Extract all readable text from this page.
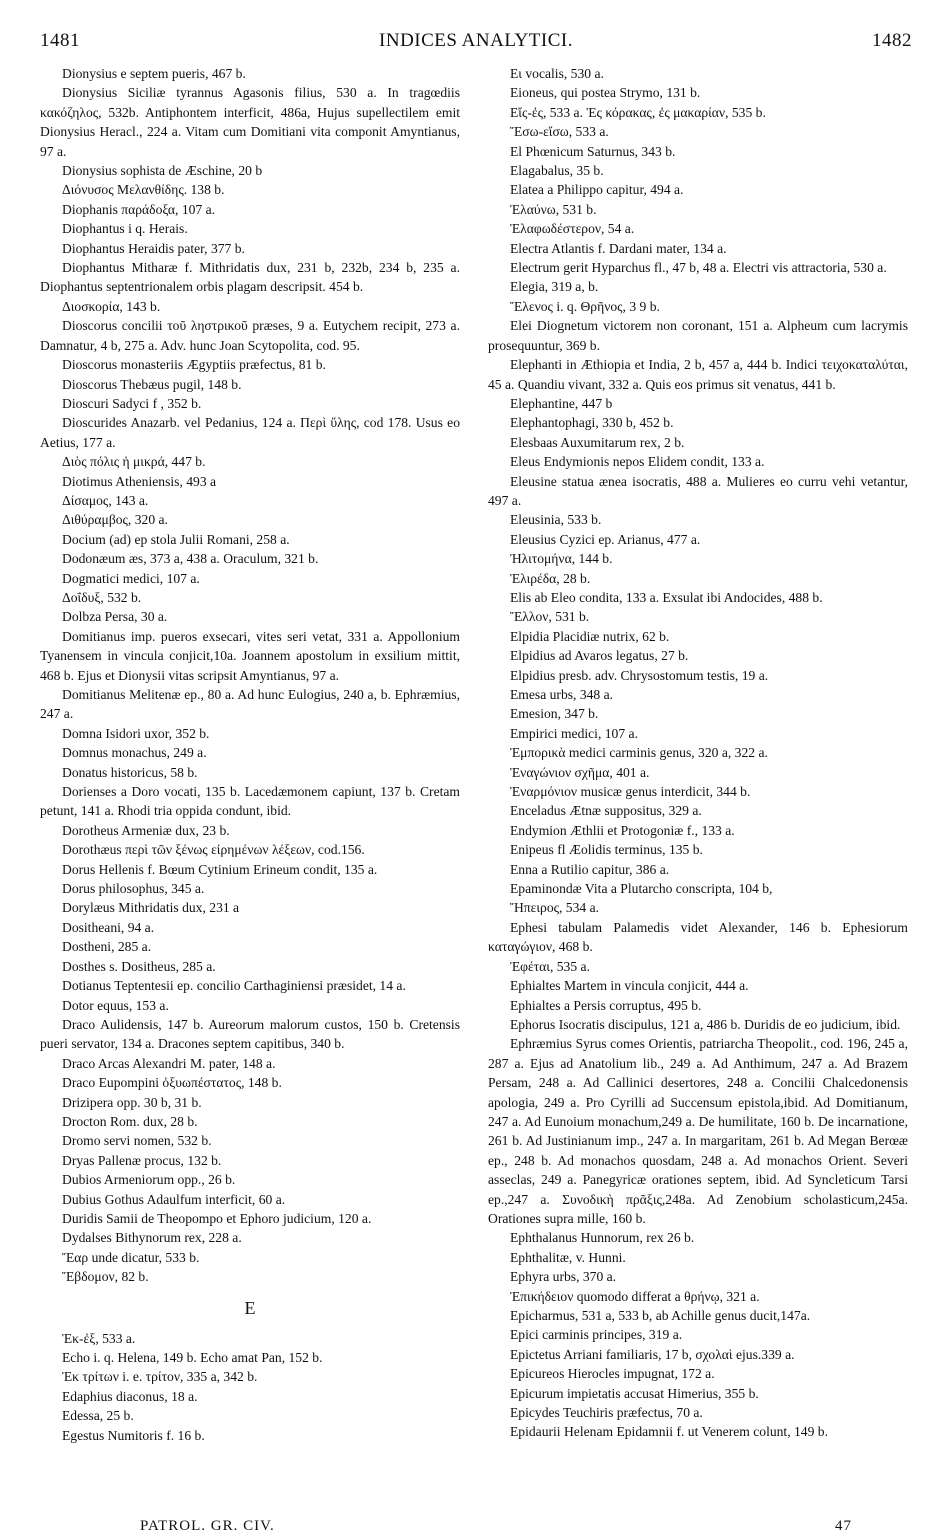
1481	INDICES ANALYTICI.	1482

Dionysius e septem pueris, 467 b.

Dionysius Siciliæ tyrannus Agasonis filius, 530 a. In tragœdiis κακόζηλος, 532b. Antiphontem interficit, 486a, Hujus supellectilem emit Dionysius Heracl., 224 a. Vitam cum Domitiani vita componit Amyntianus, 97 a.

Dionysius sophista de Æschine, 20 b

Διόνυσος Μελανθίδης. 138 b.

Diophanis παράδοξα, 107 a.

Diophantus i q. Herais.

Diophantus Heraidis pater, 377 b.

Diophantus Mitharæ f. Mithridatis dux, 231 b, 232b, 234 b, 235 a. Diophantus septentrionalem orbis plagam descripsit. 454 b.

Διοσκορία, 143 b.

Dioscorus concilii τοῦ ληστρικοῦ præses, 9 a. Eutychem recipit, 273 a. Damnatur, 4 b, 275 a. Adv. hunc Joan Scytopolita, cod. 95.

Dioscorus monasteriis Ægyptiis præfectus, 81 b.

Dioscorus Thebæus pugil, 148 b.

Dioscuri Sadyci f , 352 b.

Dioscurides Anazarb. vel Pedanius, 124 a. Περὶ ὕλης, cod 178. Usus eo Aetius, 177 a.

Διὸς πόλις ἡ μικρά, 447 b.

Diotimus Atheniensis, 493 a

Δίσαμος, 143 a.

Διθύραμβος, 320 a.

Docium (ad) ep stola Julii Romani, 258 a.

Dodonæum æs, 373 a, 438 a. Oraculum, 321 b.

Dogmatici medici, 107 a.

Δοΐδυξ, 532 b.

Dolbza Persa, 30 a.

Domitianus imp. pueros exsecari, vites seri vetat, 331 a. Appollonium Tyanensem in vincula conjicit,10a. Joannem apostolum in exsilium mittit, 468 b. Ejus et Dionysii vitas scripsit Amyntianus, 97 a.

Domitianus Melitenæ ep., 80 a. Ad hunc Eulogius, 240 a, b. Ephræmius, 247 a.

Domna Isidori uxor, 352 b.

Domnus monachus, 249 a.

Donatus historicus, 58 b.

Dorienses a Doro vocati, 135 b. Lacedæmonem capiunt, 137 b. Cretam petunt, 141 a. Rhodi tria oppida condunt, ibid.

Dorotheus Armeniæ dux, 23 b.

Dorothæus περὶ τῶν ξένως εἰρημένων λέξεων, cod.156.

Dorus Hellenis f. Bœum Cytinium Erineum condit, 135 a.

Dorus philosophus, 345 a.

Dorylæus Mithridatis dux, 231 a

Dositheani, 94 a.

Dostheni, 285 a.

Dosthes s. Dositheus, 285 a.

Dotianus Teptentesii ep. concilio Carthaginiensi præsidet, 14 a.

Dotor equus, 153 a.

Draco Aulidensis, 147 b. Aureorum malorum custos, 150 b. Cretensis pueri servator, 134 a. Dracones septem capitibus, 340 b.

Draco Arcas Alexandri M. pater, 148 a.

Draco Eupompini ὀξυωπέστατος, 148 b.

Drizipera opp. 30 b, 31 b.

Drocton Rom. dux, 28 b.

Dromo servi nomen, 532 b.

Dryas Pallenæ procus, 132 b.

Dubios Armeniorum opp., 26 b.

Dubius Gothus Adaulfum interficit, 60 a.

Duridis Samii de Theopompo et Ephoro judicium, 120 a.

Dydalses Bithynorum rex, 228 a.

Ἔαρ unde dicatur, 533 b.

Ἔβδομον, 82 b.

E

Ἐκ-ἐξ, 533 a.

Echo i. q. Helena, 149 b. Echo amat Pan, 152 b.

Ἐκ τρίτων i. e. τρίτον, 335 a, 342 b.

Edaphius diaconus, 18 a.

Edessa, 25 b.

Egestus Numitoris f. 16 b.

Ει vocalis, 530 a.

Eioneus, qui postea Strymo, 131 b.

Εἴς-ἐς, 533 a. Ἐς κόρακας, ἐς μακαρίαν, 535 b.

Ἔσω-εἴσω, 533 a.

El Phœnicum Saturnus, 343 b.

Elagabalus, 35 b.

Elatea a Philippo capitur, 494 a.

Ἐλαύνω, 531 b.

Ἐλαφωδέστερον, 54 a.

Electra Atlantis f. Dardani mater, 134 a.

Electrum gerit Hyparchus fl., 47 b, 48 a. Electri vis attractoria, 530 a.

Elegia, 319 a, b.

Ἔλενος i. q. Θρῆνος, 3 9 b.

Elei Diognetum victorem non coronant, 151 a. Alpheum cum lacrymis prosequuntur, 369 b.

Elephanti in Æthiopia et India, 2 b, 457 a, 444 b. Indici τειχοκαταλύται, 45 a. Quandiu vivant, 332 a. Quis eos primus sit venatus, 441 b.

Elephantine, 447 b

Elephantophagi, 330 b, 452 b.

Elesbaas Auxumitarum rex, 2 b.

Eleus Endymionis nepos Elidem condit, 133 a.

Eleusine statua ænea isocratis, 488 a. Mulieres eo curru vehi vetantur, 497 a.

Eleusinia, 533 b.

Eleusius Cyzici ep. Arianus, 477 a.

Ἠλιτομήνα, 144 b.

Ἐλιρέδα, 28 b.

Elis ab Eleo condita, 133 a. Exsulat ibi Andocides, 488 b.

Ἔλλον, 531 b.

Elpidia Placidiæ nutrix, 62 b.

Elpidius ad Avaros legatus, 27 b.

Elpidius presb. adv. Chrysostomum testis, 19 a.

Emesa urbs, 348 a.

Emesion, 347 b.

Empirici medici, 107 a.

Ἐμπορικὰ medici carminis genus, 320 a, 322 a.

Ἐναγώνιον σχῆμα, 401 a.

Ἐναρμόνιον musicæ genus interdicit, 344 b.

Enceladus Ætnæ suppositus, 329 a.

Endymion Æthlii et Protogoniæ f., 133 a.

Enipeus fl Æolidis terminus, 135 b.

Enna a Rutilio capitur, 386 a.

Epaminondæ Vita a Plutarcho conscripta, 104 b,

Ἤπειρος, 534 a.

Ephesi tabulam Palamedis videt Alexander, 146 b. Ephesiorum καταγώγιον, 468 b.

Ἐφέται, 535 a.

Ephialtes Martem in vincula conjicit, 444 a.

Ephialtes a Persis corruptus, 495 b.

Ephorus Isocratis discipulus, 121 a, 486 b. Duridis de eo judicium, ibid.

Ephræmius Syrus comes Orientis, patriarcha Theopolit., cod. 196, 245 a, 287 a. Ejus ad Anatolium lib., 249 a. Ad Anthimum, 247 a. Ad Brazem Persam, 248 a. Ad Callinici desertores, 248 a. Concilii Chalcedonensis apologia, 249 a. Pro Cyrilli ad Succensum epistola,ibid. Ad Domitianum, 247 a. Ad Eunoium monachum,249 a. De humilitate, 160 b. De incarnatione, 261 b. Ad Justinianum imp., 247 a. In margaritam, 261 b. Ad Megan Berœæ ep., 248 b. Ad monachos quosdam, 248 a. Ad monachos Orient. Severi asseclas, 249 a. Panegyricæ orationes septem, ibid. Ad Syncleticum Tarsi ep.,247 a. Συνοδικὴ πρᾶξις,248a. Ad Zenobium scholasticum,245a. Orationes supra mille, 160 b.

Ephthalanus Hunnorum, rex 26 b.

Ephthalitæ, v. Hunni.

Ephyra urbs, 370 a.

Ἐπικήδειον quomodo differat a θρήνῳ, 321 a.

Epicharmus, 531 a, 533 b, ab Achille genus ducit,147a.

Epici carminis principes, 319 a.

Epictetus Arriani familiaris, 17 b, σχολαὶ ejus.339 a.

Epicureos Hierocles impugnat, 172 a.

Epicurum impietatis accusat Himerius, 355 b.

Epicydes Teuchiris præfectus, 70 a.

Epidaurii Helenam Epidamnii f. ut Venerem colunt, 149 b.

PATROL. GR. CIV.	47
